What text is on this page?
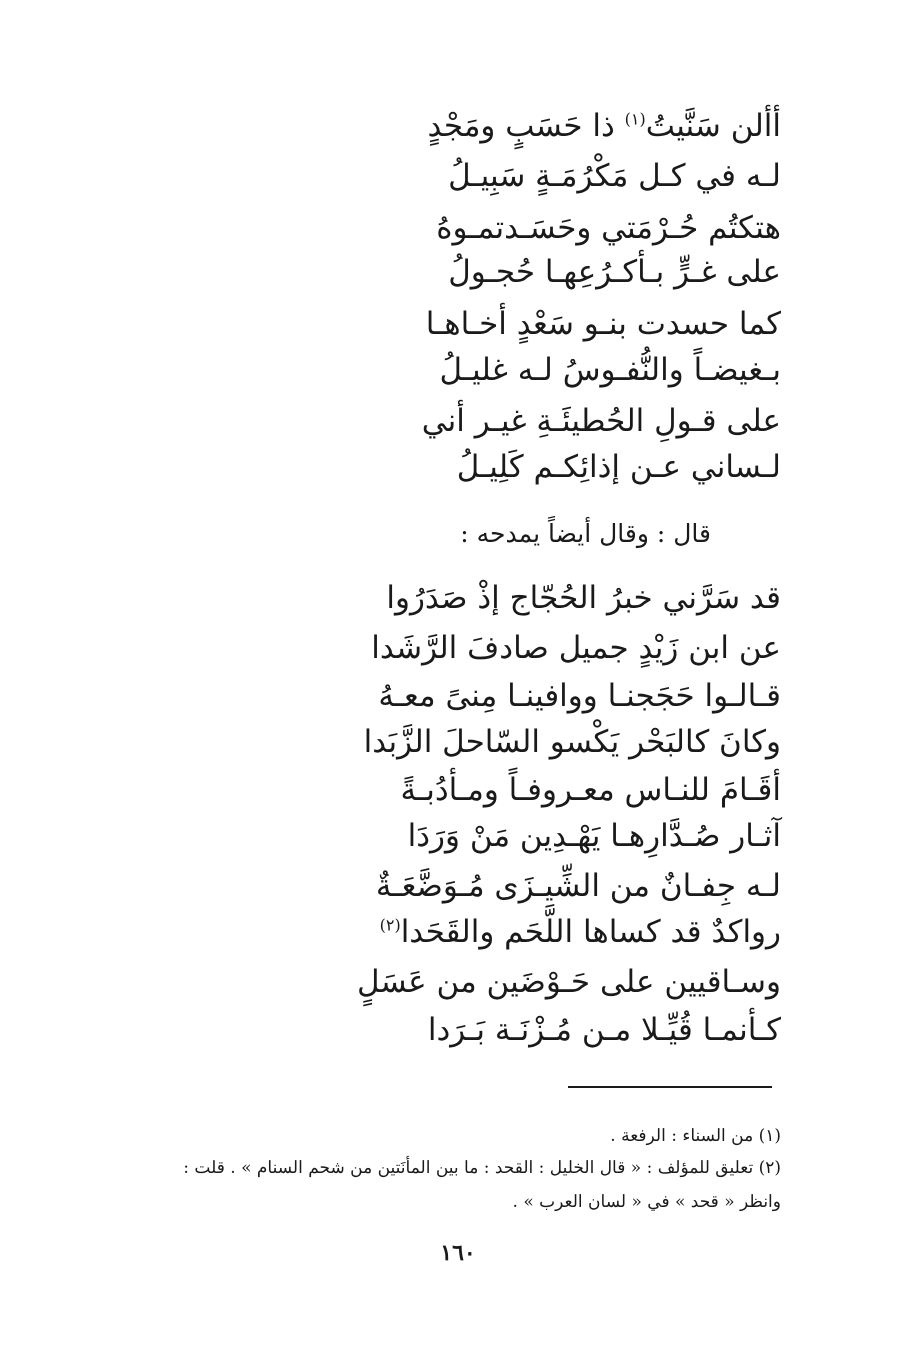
أألن سَنَّيتُ$^{(١)}$ ذا حَسَبٍ ومَجْدٍ
لـه في كـل مَكْرُمَـةٍ سَبِيـلُ
هتكتُم حُـرْمَتي وحَسَـدتمـوهُ
على غـرٍّ بـأكـرُعِهـا حُجـولُ
كما حسدت بنـو سَعْدٍ أخـاهـا
بـغيضـاً والنُّفـوسُ لـه غليـلُ
على قـولِ الحُطيئَـةِ غيـر أني
لـساني عـن إذائِكـم كَلِيـلُ
قال : وقال أيضاً يمدحه :
قد سَرَّني خبرُ الحُجّاج إذْ صَدَرُوا
عن ابن زَيْدٍ جميل صادفَ الرَّشَدا
قـالـوا حَجَجنـا ووافينـا مِنىً معـهُ
وكانَ كالبَحْر يَكْسو السّاحلَ الزَّبَدا
أقَـامَ للنـاس معـروفـاً ومـأدُبـةً
آثـار صُـدَّارِهـا يَهْـدِين مَنْ وَرَدَا
لـه جِفـانٌ من الشِّيـزَى مُـوَضَّعَـةٌ
رواكدٌ قد كساها اللَّحَم والقَحَدا$^{(٢)}$
وسـاقيين على حَـوْضَين من عَسَلٍ
كـأنمـا قُيِّـلا مـن مُـزْنَـة بَـرَدا
(١) من السناء : الرفعة .
(٢) تعليق للمؤلف : « قال الخليل : القحد : ما بين المأنَتين من شحم السنام » . قلت :
وانظر « قحد » في « لسان العرب » .
١٦٠
